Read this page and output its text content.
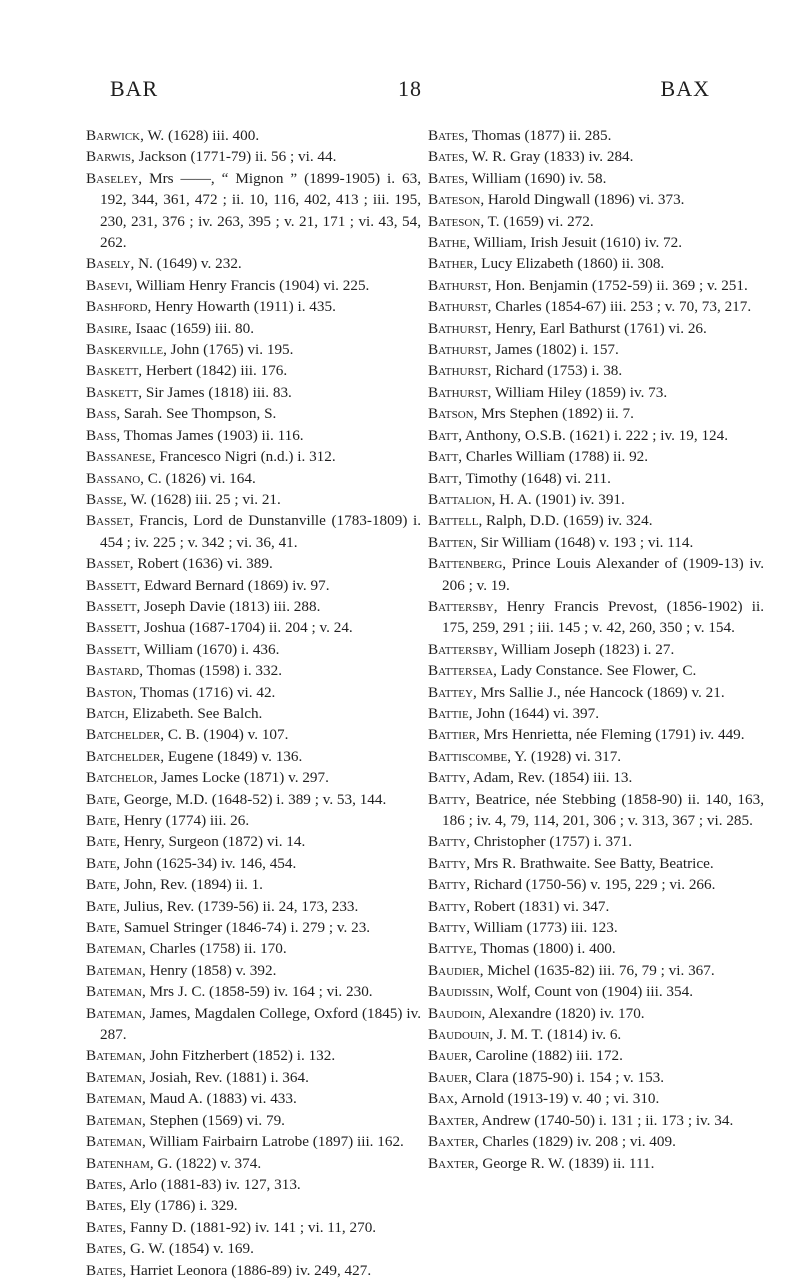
BAR	18	BAX

Barwick, W. (1628) iii. 400.

Barwis, Jackson (1771-79) ii. 56 ; vi. 44.

Baseley, Mrs ——, “ Mignon ” (1899-1905) i. 63, 192, 344, 361, 472 ; ii. 10, 116, 402, 413 ; iii. 195, 230, 231, 376 ; iv. 263, 395 ; v. 21, 171 ; vi. 43, 54, 262.

Basely, N. (1649) v. 232.

Basevi, William Henry Francis (1904) vi. 225.

Bashford, Henry Howarth (1911) i. 435.

Basire, Isaac (1659) iii. 80.

Baskerville, John (1765) vi. 195.

Baskett, Herbert (1842) iii. 176.

Baskett, Sir James (1818) iii. 83.

Bass, Sarah. See Thompson, S.

Bass, Thomas James (1903) ii. 116.

Bassanese, Francesco Nigri (n.d.) i. 312.

Bassano, C. (1826) vi. 164.

Basse, W. (1628) iii. 25 ; vi. 21.

Basset, Francis, Lord de Dunstanville (1783-1809) i. 454 ; iv. 225 ; v. 342 ; vi. 36, 41.

Basset, Robert (1636) vi. 389.

Bassett, Edward Bernard (1869) iv. 97.

Bassett, Joseph Davie (1813) iii. 288.

Bassett, Joshua (1687-1704) ii. 204 ; v. 24.

Bassett, William (1670) i. 436.

Bastard, Thomas (1598) i. 332.

Baston, Thomas (1716) vi. 42.

Batch, Elizabeth. See Balch.

Batchelder, C. B. (1904) v. 107.

Batchelder, Eugene (1849) v. 136.

Batchelor, James Locke (1871) v. 297.

Bate, George, M.D. (1648-52) i. 389 ; v. 53, 144.

Bate, Henry (1774) iii. 26.

Bate, Henry, Surgeon (1872) vi. 14.

Bate, John (1625-34) iv. 146, 454.

Bate, John, Rev. (1894) ii. 1.

Bate, Julius, Rev. (1739-56) ii. 24, 173, 233.

Bate, Samuel Stringer (1846-74) i. 279 ; v. 23.

Bateman, Charles (1758) ii. 170.

Bateman, Henry (1858) v. 392.

Bateman, Mrs J. C. (1858-59) iv. 164 ; vi. 230.

Bateman, James, Magdalen College, Oxford (1845) iv. 287.

Bateman, John Fitzherbert (1852) i. 132.

Bateman, Josiah, Rev. (1881) i. 364.

Bateman, Maud A. (1883) vi. 433.

Bateman, Stephen (1569) vi. 79.

Bateman, William Fairbairn Latrobe (1897) iii. 162.

Batenham, G. (1822) v. 374.

Bates, Arlo (1881-83) iv. 127, 313.

Bates, Ely (1786) i. 329.

Bates, Fanny D. (1881-92) iv. 141 ; vi. 11, 270.

Bates, G. W. (1854) v. 169.

Bates, Harriet Leonora (1886-89) iv. 249, 427.

Bates, Thomas (1877) ii. 285.

Bates, W. R. Gray (1833) iv. 284.

Bates, William (1690) iv. 58.

Bateson, Harold Dingwall (1896) vi. 373.

Bateson, T. (1659) vi. 272.

Bathe, William, Irish Jesuit (1610) iv. 72.

Bather, Lucy Elizabeth (1860) ii. 308.

Bathurst, Hon. Benjamin (1752-59) ii. 369 ; v. 251.

Bathurst, Charles (1854-67) iii. 253 ; v. 70, 73, 217.

Bathurst, Henry, Earl Bathurst (1761) vi. 26.

Bathurst, James (1802) i. 157.

Bathurst, Richard (1753) i. 38.

Bathurst, William Hiley (1859) iv. 73.

Batson, Mrs Stephen (1892) ii. 7.

Batt, Anthony, O.S.B. (1621) i. 222 ; iv. 19, 124.

Batt, Charles William (1788) ii. 92.

Batt, Timothy (1648) vi. 211.

Battalion, H. A. (1901) iv. 391.

Battell, Ralph, D.D. (1659) iv. 324.

Batten, Sir William (1648) v. 193 ; vi. 114.

Battenberg, Prince Louis Alexander of (1909-13) iv. 206 ; v. 19.

Battersby, Henry Francis Prevost, (1856-1902) ii. 175, 259, 291 ; iii. 145 ; v. 42, 260, 350 ; v. 154.

Battersby, William Joseph (1823) i. 27.

Battersea, Lady Constance. See Flower, C.

Battey, Mrs Sallie J., née Hancock (1869) v. 21.

Battie, John (1644) vi. 397.

Battier, Mrs Henrietta, née Fleming (1791) iv. 449.

Battiscombe, Y. (1928) vi. 317.

Batty, Adam, Rev. (1854) iii. 13.

Batty, Beatrice, née Stebbing (1858-90) ii. 140, 163, 186 ; iv. 4, 79, 114, 201, 306 ; v. 313, 367 ; vi. 285.

Batty, Christopher (1757) i. 371.

Batty, Mrs R. Brathwaite. See Batty, Beatrice.

Batty, Richard (1750-56) v. 195, 229 ; vi. 266.

Batty, Robert (1831) vi. 347.

Batty, William (1773) iii. 123.

Battye, Thomas (1800) i. 400.

Baudier, Michel (1635-82) iii. 76, 79 ; vi. 367.

Baudissin, Wolf, Count von (1904) iii. 354.

Baudoin, Alexandre (1820) iv. 170.

Baudouin, J. M. T. (1814) iv. 6.

Bauer, Caroline (1882) iii. 172.

Bauer, Clara (1875-90) i. 154 ; v. 153.

Bax, Arnold (1913-19) v. 40 ; vi. 310.

Baxter, Andrew (1740-50) i. 131 ; ii. 173 ; iv. 34.

Baxter, Charles (1829) iv. 208 ; vi. 409.

Baxter, George R. W. (1839) ii. 111.
